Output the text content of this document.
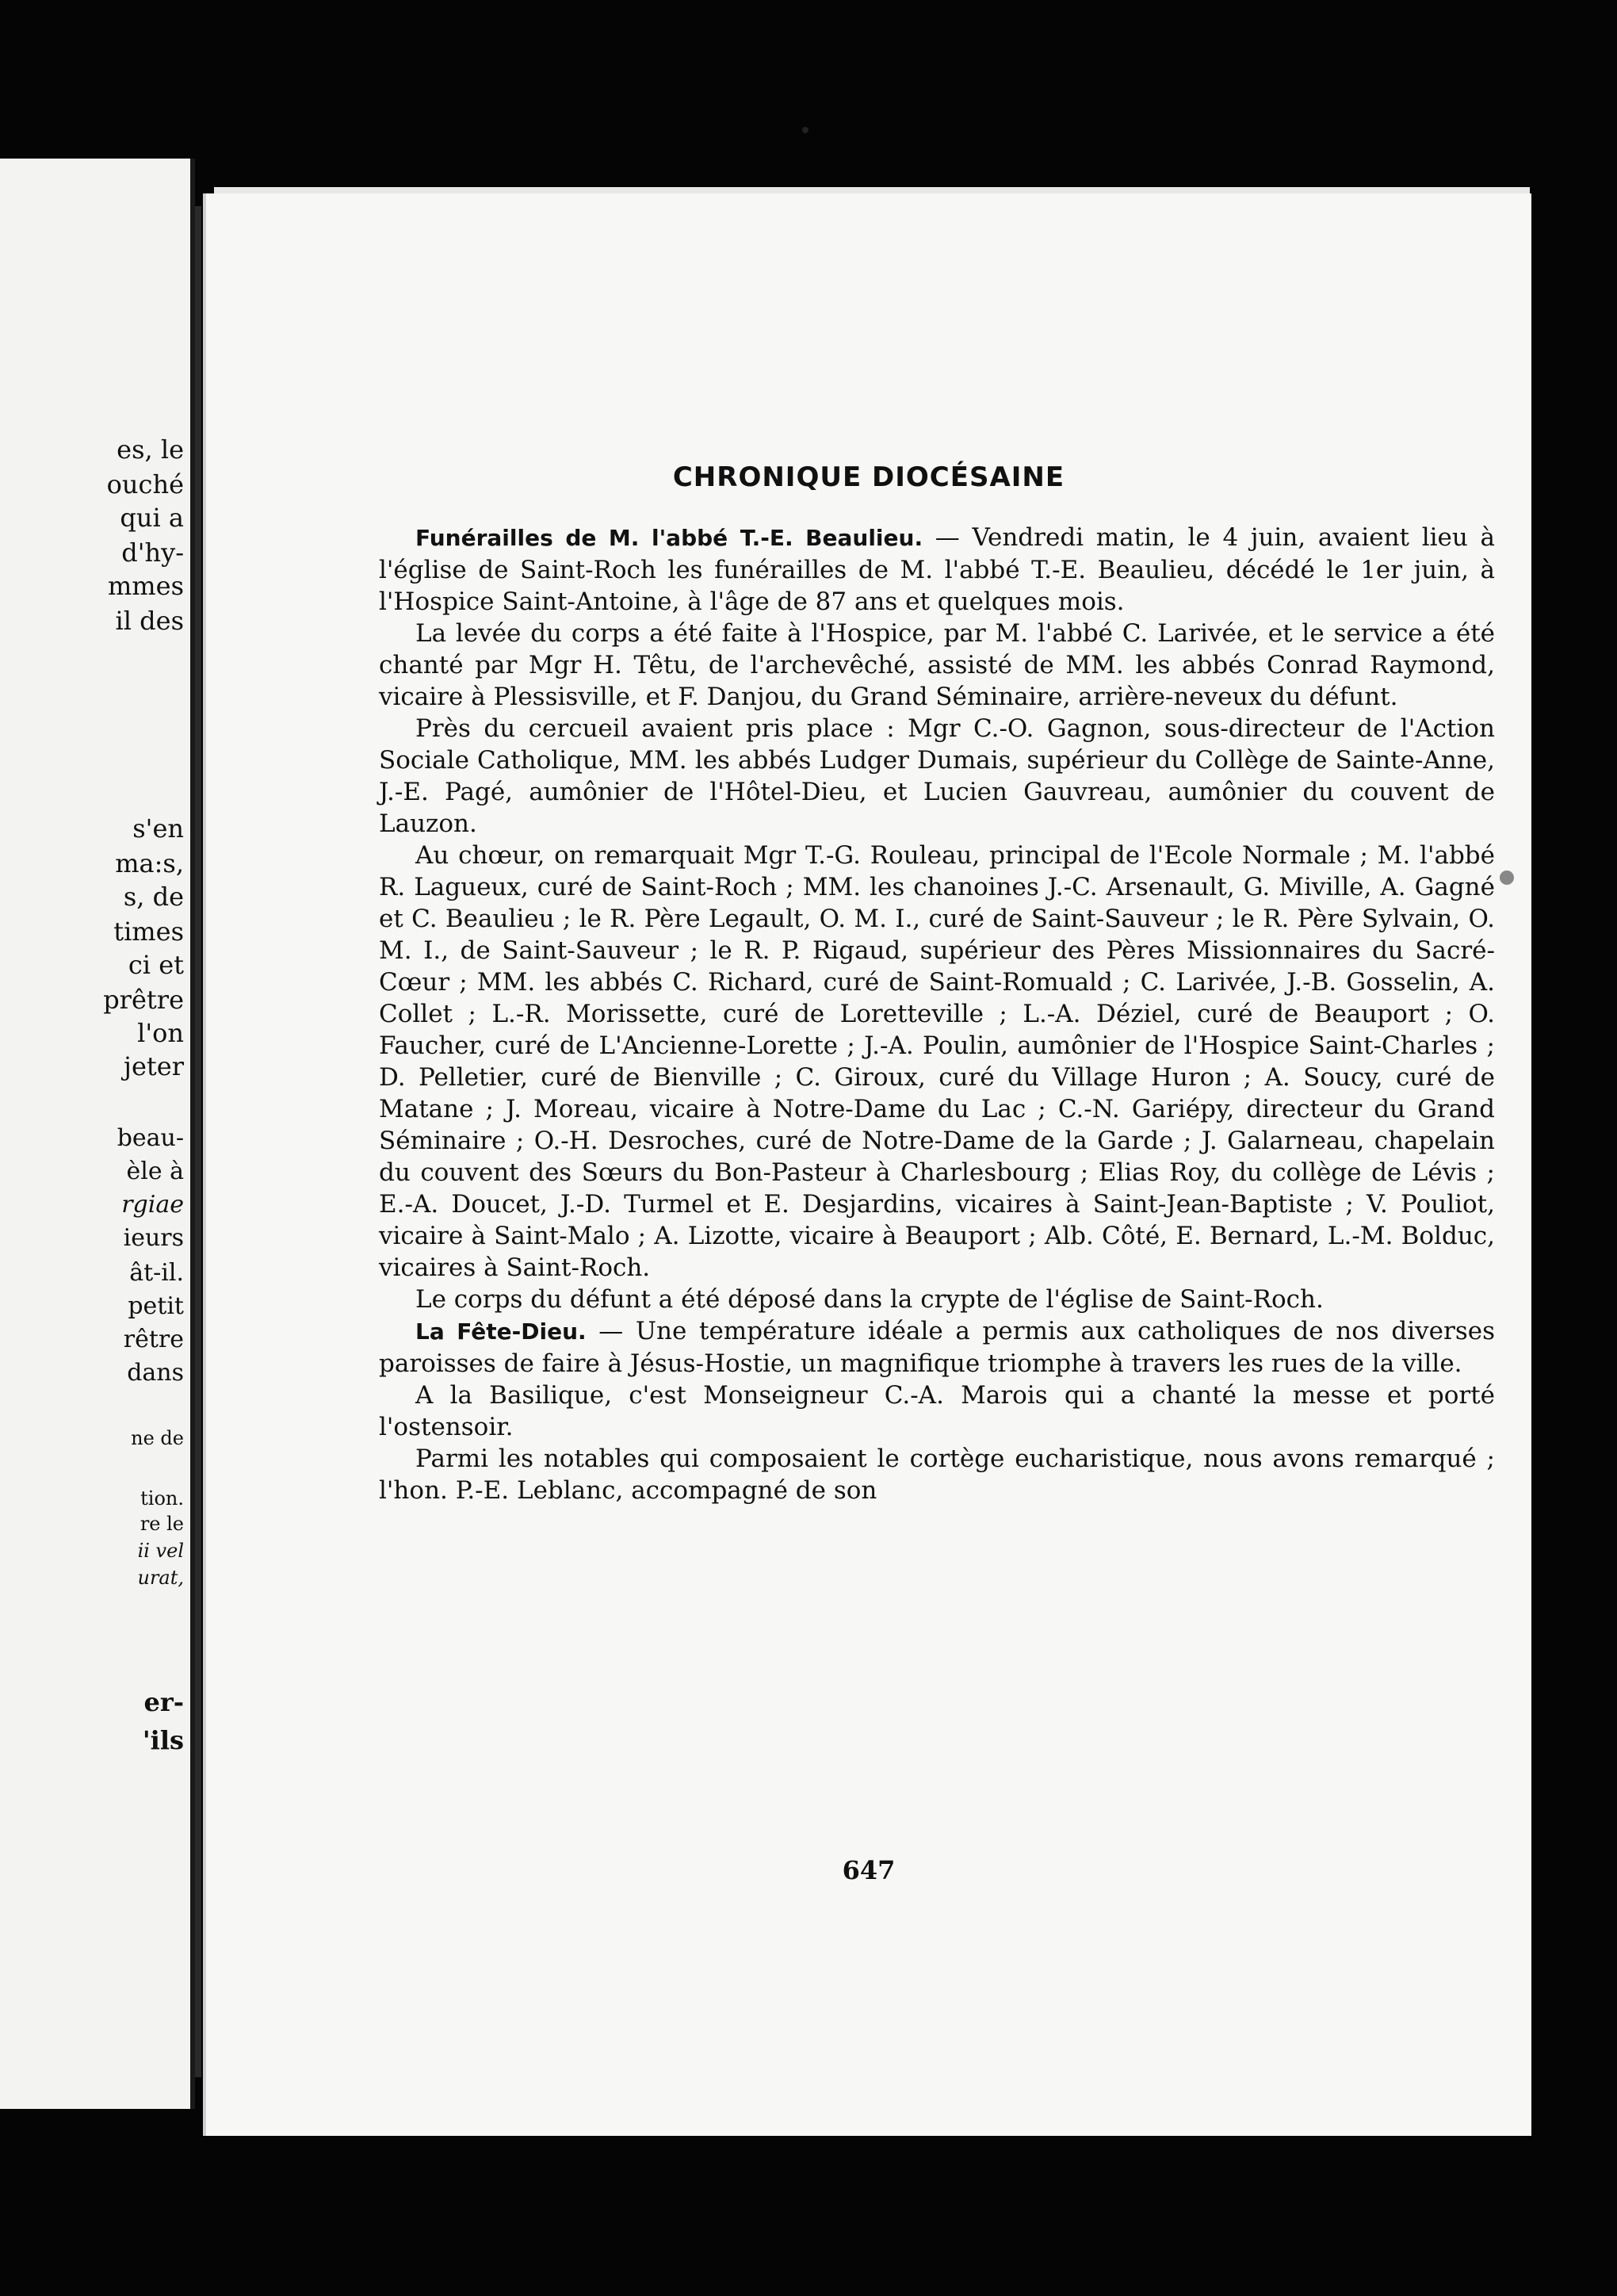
es, le
ouché
qui a
d'hy-
mmes
il des
s'en
ma:s,
s, de
times
ci et
prêtre
l'on
jeter
beau-
èle à
rgiae
ieurs
ât-il.
petit
rêtre
dans
ne de
tion.
re le
ii vel
urat,
er-
'ils
CHRONIQUE DIOCÉSAINE

Funérailles de M. l'abbé T.-E. Beaulieu. — Vendredi matin, le 4 juin, avaient lieu à l'église de Saint-Roch les funérailles de M. l'abbé T.-E. Beaulieu, décédé le 1er juin, à l'Hospice Saint-Antoine, à l'âge de 87 ans et quelques mois.

La levée du corps a été faite à l'Hospice, par M. l'abbé C. Larivée, et le service a été chanté par Mgr H. Têtu, de l'archevêché, assisté de MM. les abbés Conrad Raymond, vicaire à Plessisville, et F. Danjou, du Grand Séminaire, arrière-neveux du défunt.

Près du cercueil avaient pris place : Mgr C.-O. Gagnon, sous-directeur de l'Action Sociale Catholique, MM. les abbés Ludger Dumais, supérieur du Collège de Sainte-Anne, J.-E. Pagé, aumônier de l'Hôtel-Dieu, et Lucien Gauvreau, aumônier du couvent de Lauzon.

Au chœur, on remarquait Mgr T.-G. Rouleau, principal de l'Ecole Normale ; M. l'abbé R. Lagueux, curé de Saint-Roch ; MM. les chanoines J.-C. Arsenault, G. Miville, A. Gagné et C. Beaulieu ; le R. Père Legault, O. M. I., curé de Saint-Sauveur ; le R. Père Sylvain, O. M. I., de Saint-Sauveur ; le R. P. Rigaud, supérieur des Pères Missionnaires du Sacré-Cœur ; MM. les abbés C. Richard, curé de Saint-Romuald ; C. Larivée, J.-B. Gosselin, A. Collet ; L.-R. Morissette, curé de Loretteville ; L.-A. Déziel, curé de Beauport ; O. Faucher, curé de L'Ancienne-Lorette ; J.-A. Poulin, aumônier de l'Hospice Saint-Charles ; D. Pelletier, curé de Bienville ; C. Giroux, curé du Village Huron ; A. Soucy, curé de Matane ; J. Moreau, vicaire à Notre-Dame du Lac ; C.-N. Gariépy, directeur du Grand Séminaire ; O.-H. Desroches, curé de Notre-Dame de la Garde ; J. Galarneau, chapelain du couvent des Sœurs du Bon-Pasteur à Charlesbourg ; Elias Roy, du collège de Lévis ; E.-A. Doucet, J.-D. Turmel et E. Desjardins, vicaires à Saint-Jean-Baptiste ; V. Pouliot, vicaire à Saint-Malo ; A. Lizotte, vicaire à Beauport ; Alb. Côté, E. Bernard, L.-M. Bolduc, vicaires à Saint-Roch.

Le corps du défunt a été déposé dans la crypte de l'église de Saint-Roch.

La Fête-Dieu. — Une température idéale a permis aux catholiques de nos diverses paroisses de faire à Jésus-Hostie, un magnifique triomphe à travers les rues de la ville.

A la Basilique, c'est Monseigneur C.-A. Marois qui a chanté la messe et porté l'ostensoir.

Parmi les notables qui composaient le cortège eucharistique, nous avons remarqué ; l'hon. P.-E. Leblanc, accompagné de son

647
